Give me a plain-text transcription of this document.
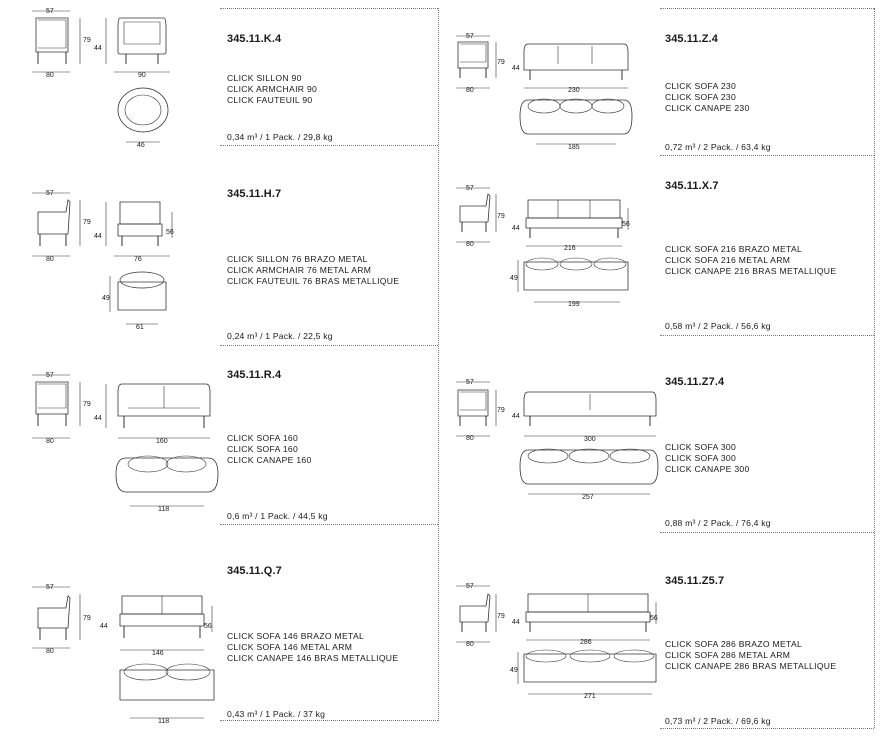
57
79
80
44
90
46
345.11.K.4
CLICK SILLON 90
CLICK ARMCHAIR 90
CLICK FAUTEUIL 90
0,34 m³ / 1 Pack. / 29,8 kg
57
79
80
44
56
76
49
61
345.11.H.7
CLICK SILLON 76 BRAZO METAL
CLICK ARMCHAIR 76 METAL ARM
CLICK FAUTEUIL 76 BRAS METALLIQUE
0,24 m³ / 1 Pack. / 22,5 kg
57
79
80
44
160
118
345.11.R.4
CLICK SOFA 160
CLICK SOFA 160
CLICK CANAPE 160
0,6 m³ / 1 Pack. / 44,5 kg
57
79
80
44	56
146
118
345.11.Q.7
CLICK SOFA 146 BRAZO METAL
CLICK SOFA 146 METAL ARM
CLICK CANAPE 146 BRAS METALLIQUE
0,43 m³ / 1 Pack. / 37 kg
57
79
80
44
230
185
345.11.Z.4
CLICK SOFA 230
CLICK SOFA 230
CLICK CANAPE 230
0,72 m³ / 2 Pack. / 63,4 kg
57
79
80
44
56
216
49
199
345.11.X.7
CLICK SOFA 216 BRAZO METAL
CLICK SOFA 216 METAL ARM
CLICK CANAPE 216 BRAS METALLIQUE
0,58 m³ / 2 Pack. / 56,6 kg
57
79
80
44
300
257
345.11.Z7.4
CLICK SOFA 300
CLICK SOFA 300
CLICK CANAPE 300
0,88 m³ / 2 Pack. / 76,4 kg
57
79
80
44
56
286
49
271
345.11.Z5.7
CLICK SOFA 286 BRAZO METAL
CLICK SOFA 286 METAL ARM
CLICK CANAPE 286 BRAS METALLIQUE
0,73 m³ / 2 Pack. / 69,6 kg
